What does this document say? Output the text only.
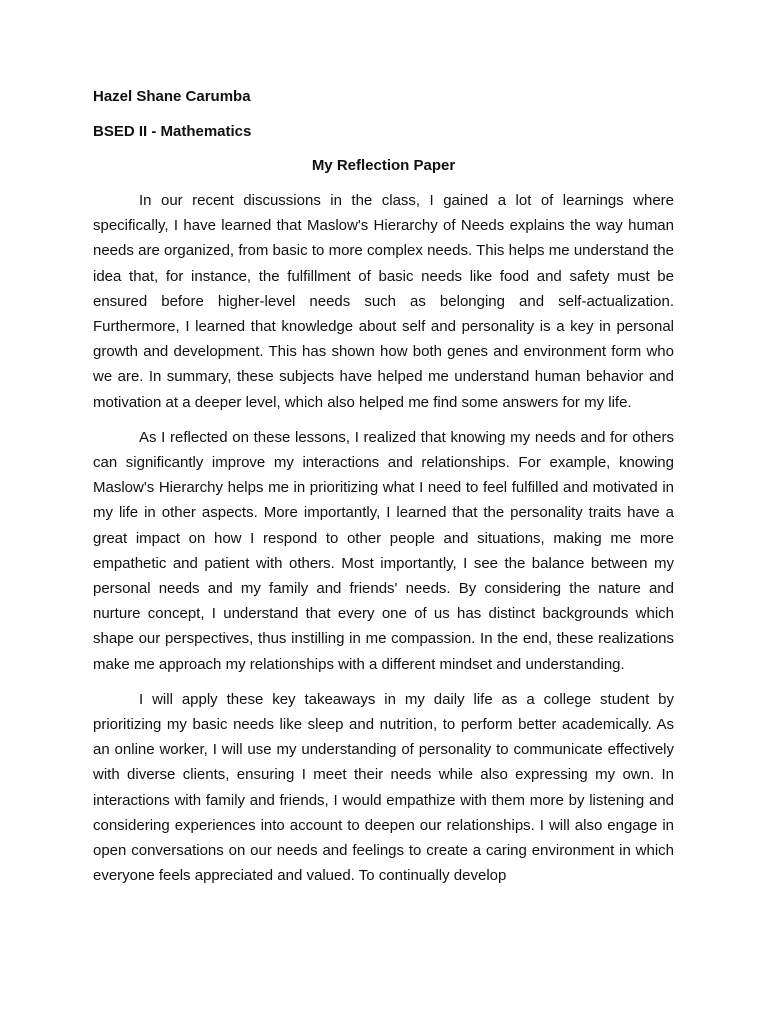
Hazel Shane Carumba
BSED II - Mathematics
My Reflection Paper

In our recent discussions in the class, I gained a lot of learnings where specifically, I have learned that Maslow's Hierarchy of Needs explains the way human needs are organized, from basic to more complex needs. This helps me understand the idea that, for instance, the fulfillment of basic needs like food and safety must be ensured before higher-level needs such as belonging and self-actualization. Furthermore, I learned that knowledge about self and personality is a key in personal growth and development. This has shown how both genes and environment form who we are. In summary, these subjects have helped me understand human behavior and motivation at a deeper level, which also helped me find some answers for my life.

As I reflected on these lessons, I realized that knowing my needs and for others can significantly improve my interactions and relationships. For example, knowing Maslow's Hierarchy helps me in prioritizing what I need to feel fulfilled and motivated in my life in other aspects. More importantly, I learned that the personality traits have a great impact on how I respond to other people and situations, making me more empathetic and patient with others. Most importantly, I see the balance between my personal needs and my family and friends' needs. By considering the nature and nurture concept, I understand that every one of us has distinct backgrounds which shape our perspectives, thus instilling in me compassion. In the end, these realizations make me approach my relationships with a different mindset and understanding.

I will apply these key takeaways in my daily life as a college student by prioritizing my basic needs like sleep and nutrition, to perform better academically. As an online worker, I will use my understanding of personality to communicate effectively with diverse clients, ensuring I meet their needs while also expressing my own. In interactions with family and friends, I would empathize with them more by listening and considering experiences into account to deepen our relationships. I will also engage in open conversations on our needs and feelings to create a caring environment in which everyone feels appreciated and valued. To continually develop
